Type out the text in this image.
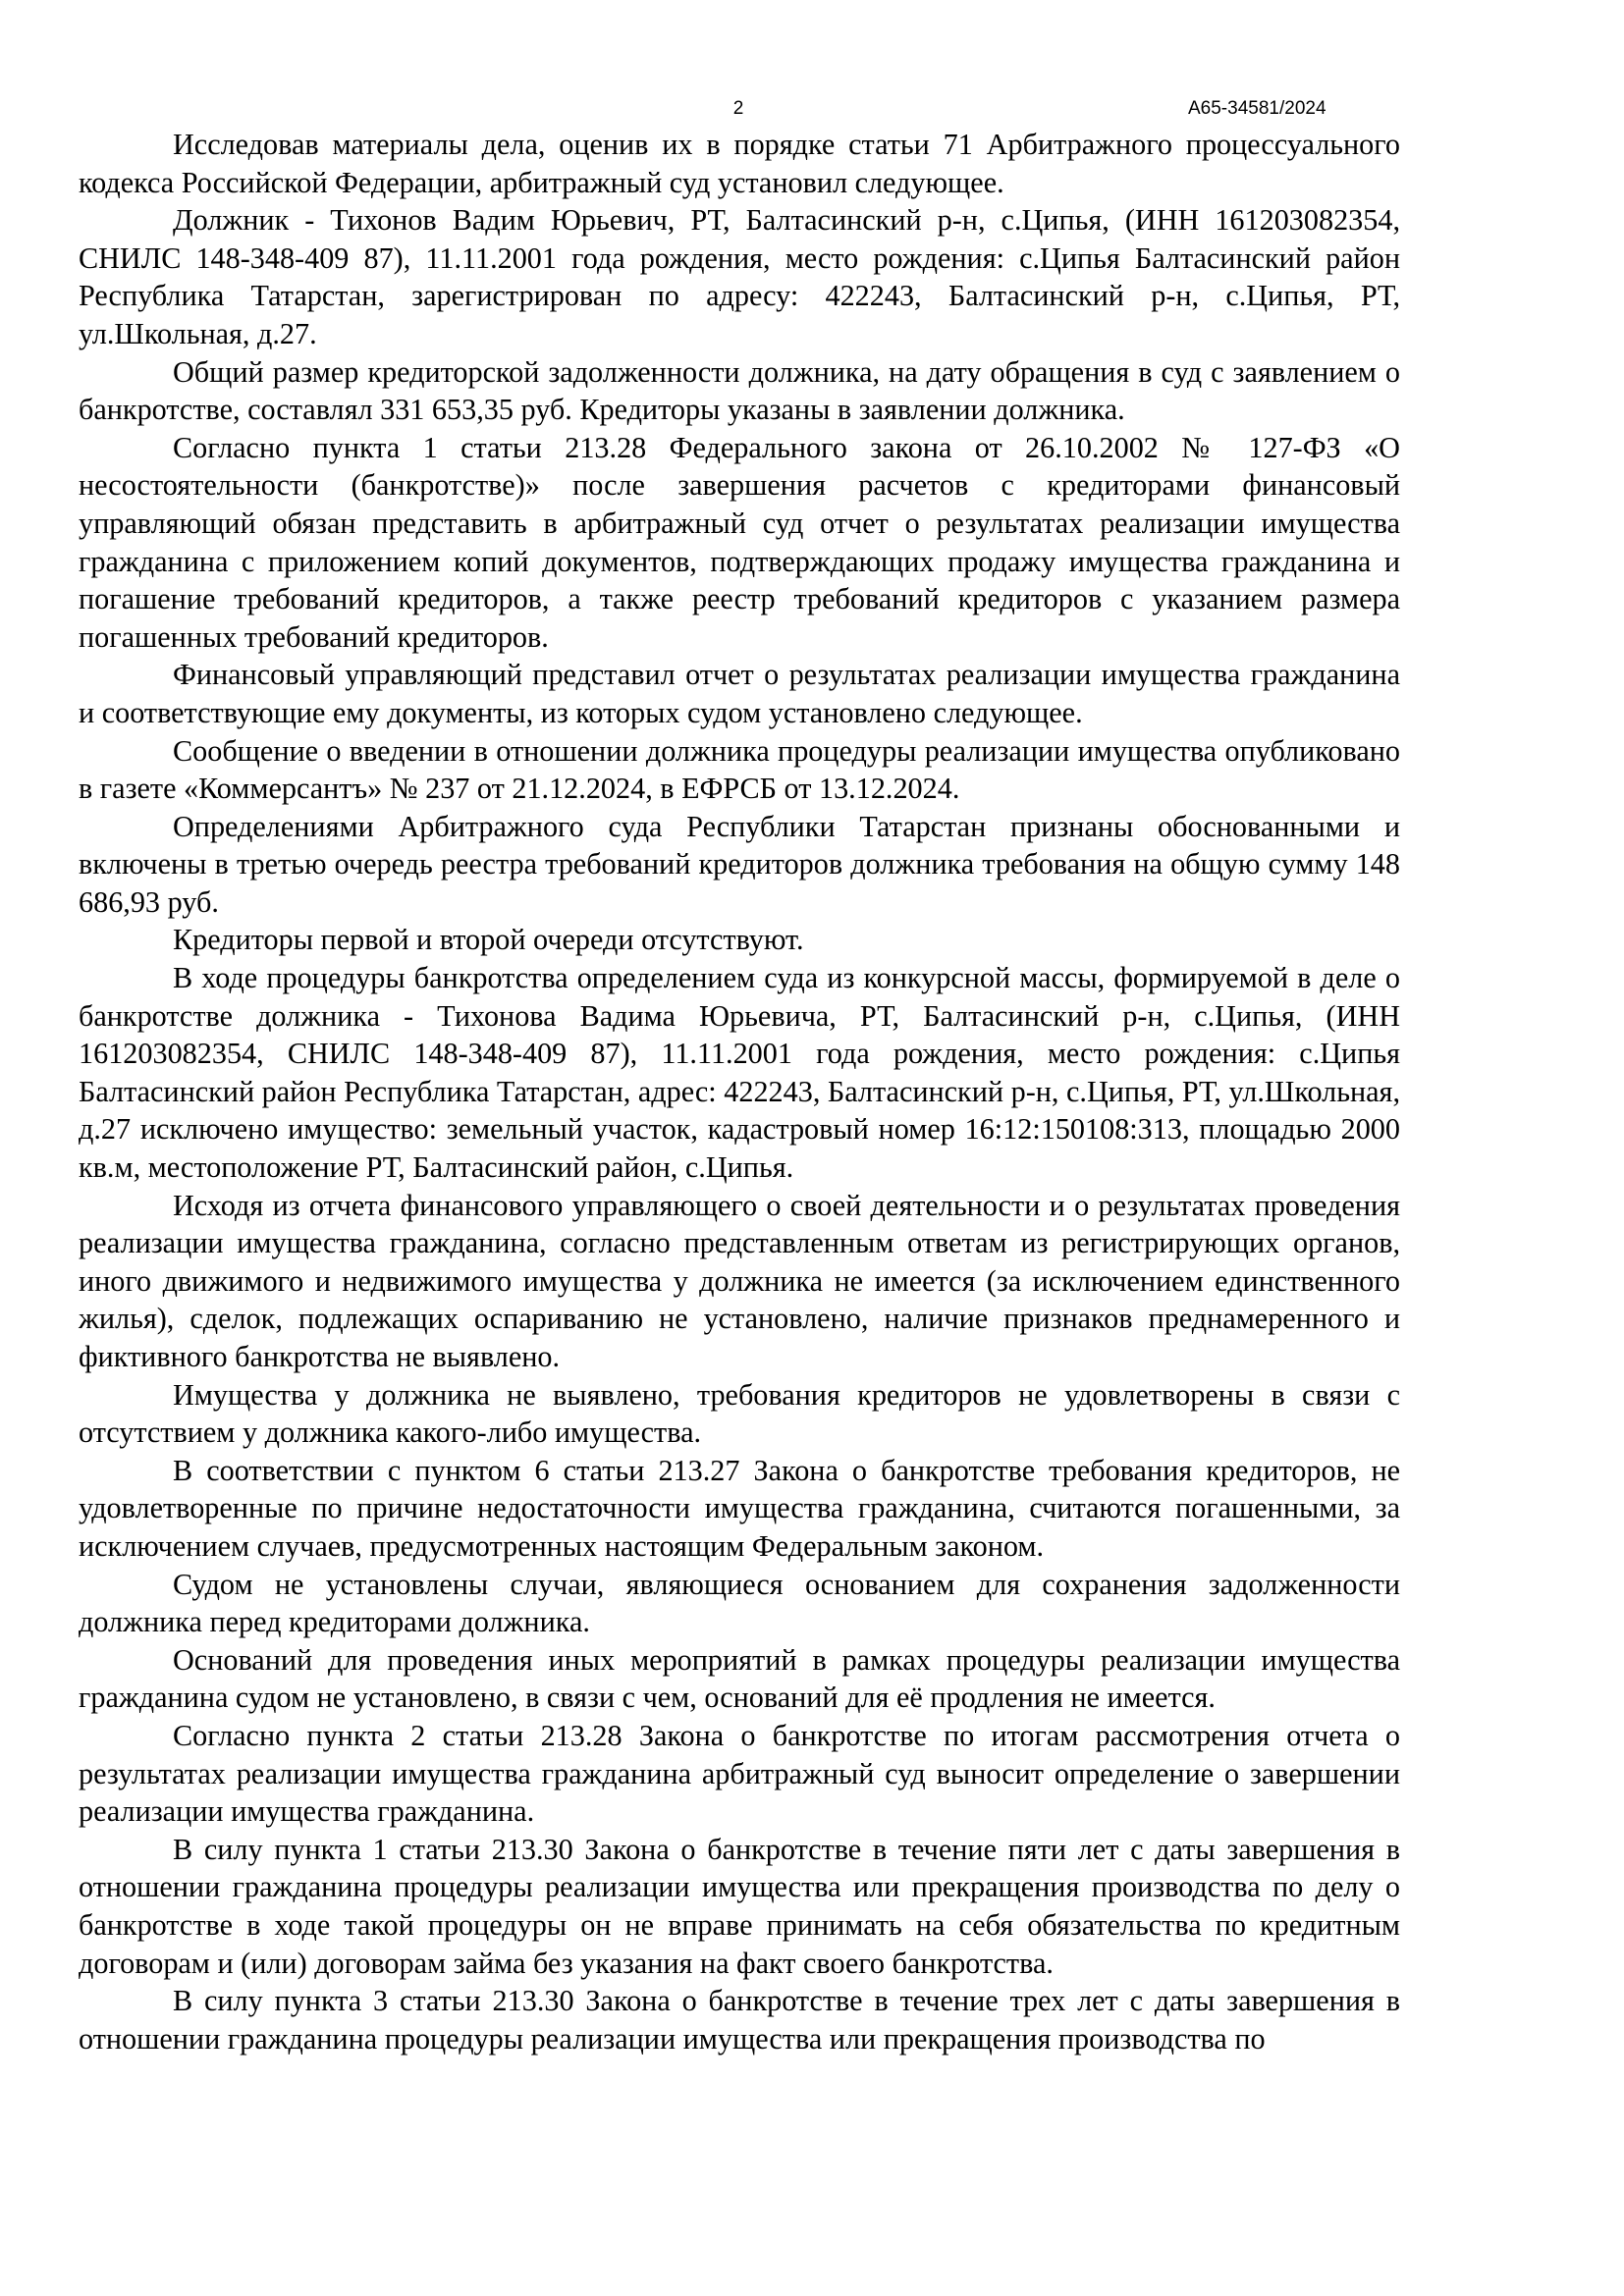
2	А65-34581/2024

Исследовав материалы дела, оценив их в порядке статьи 71 Арбитражного процессуального кодекса Российской Федерации, арбитражный суд установил следующее.

Должник - Тихонов Вадим Юрьевич, РТ, Балтасинский р-н, с.Ципья, (ИНН 161203082354, СНИЛС 148-348-409 87), 11.11.2001 года рождения, место рождения: с.Ципья Балтасинский район Республика Татарстан, зарегистрирован по адресу: 422243, Балтасинский р-н, с.Ципья, РТ, ул.Школьная, д.27.

Общий размер кредиторской задолженности должника, на дату обращения в суд с заявлением о банкротстве, составлял 331 653,35 руб. Кредиторы указаны в заявлении должника.

Согласно пункта 1 статьи 213.28 Федерального закона от 26.10.2002 № 127-ФЗ «О несостоятельности (банкротстве)» после завершения расчетов с кредиторами финансовый управляющий обязан представить в арбитражный суд отчет о результатах реализации имущества гражданина с приложением копий документов, подтверждающих продажу имущества гражданина и погашение требований кредиторов, а также реестр требований кредиторов с указанием размера погашенных требований кредиторов.

Финансовый управляющий представил отчет о результатах реализации имущества гражданина и соответствующие ему документы, из которых судом установлено следующее.

Сообщение о введении в отношении должника процедуры реализации имущества опубликовано в газете «Коммерсантъ» № 237 от 21.12.2024, в ЕФРСБ от 13.12.2024.

Определениями Арбитражного суда Республики Татарстан признаны обоснованными и включены в третью очередь реестра требований кредиторов должника требования на общую сумму 148 686,93 руб.

Кредиторы первой и второй очереди отсутствуют.

В ходе процедуры банкротства определением суда из конкурсной массы, формируемой в деле о банкротстве должника - Тихонова Вадима Юрьевича, РТ, Балтасинский р-н, с.Ципья, (ИНН 161203082354, СНИЛС 148-348-409 87), 11.11.2001 года рождения, место рождения: с.Ципья Балтасинский район Республика Татарстан, адрес: 422243, Балтасинский р-н, с.Ципья, РТ, ул.Школьная, д.27 исключено имущество: земельный участок, кадастровый номер 16:12:150108:313, площадью 2000 кв.м, местоположение РТ, Балтасинский район, с.Ципья.

Исходя из отчета финансового управляющего о своей деятельности и о результатах проведения реализации имущества гражданина, согласно представленным ответам из регистрирующих органов, иного движимого и недвижимого имущества у должника не имеется (за исключением единственного жилья), сделок, подлежащих оспариванию не установлено, наличие признаков преднамеренного и фиктивного банкротства не выявлено.

Имущества у должника не выявлено, требования кредиторов не удовлетворены в связи с отсутствием у должника какого-либо имущества.

В соответствии с пунктом 6 статьи 213.27 Закона о банкротстве требования кредиторов, не удовлетворенные по причине недостаточности имущества гражданина, считаются погашенными, за исключением случаев, предусмотренных настоящим Федеральным законом.

Судом не установлены случаи, являющиеся основанием для сохранения задолженности должника перед кредиторами должника.

Оснований для проведения иных мероприятий в рамках процедуры реализации имущества гражданина судом не установлено, в связи с чем, оснований для её продления не имеется.

Согласно пункта 2 статьи 213.28 Закона о банкротстве по итогам рассмотрения отчета о результатах реализации имущества гражданина арбитражный суд выносит определение о завершении реализации имущества гражданина.

В силу пункта 1 статьи 213.30 Закона о банкротстве в течение пяти лет с даты завершения в отношении гражданина процедуры реализации имущества или прекращения производства по делу о банкротстве в ходе такой процедуры он не вправе принимать на себя обязательства по кредитным договорам и (или) договорам займа без указания на факт своего банкротства.

В силу пункта 3 статьи 213.30 Закона о банкротстве в течение трех лет с даты завершения в отношении гражданина процедуры реализации имущества или прекращения производства по
